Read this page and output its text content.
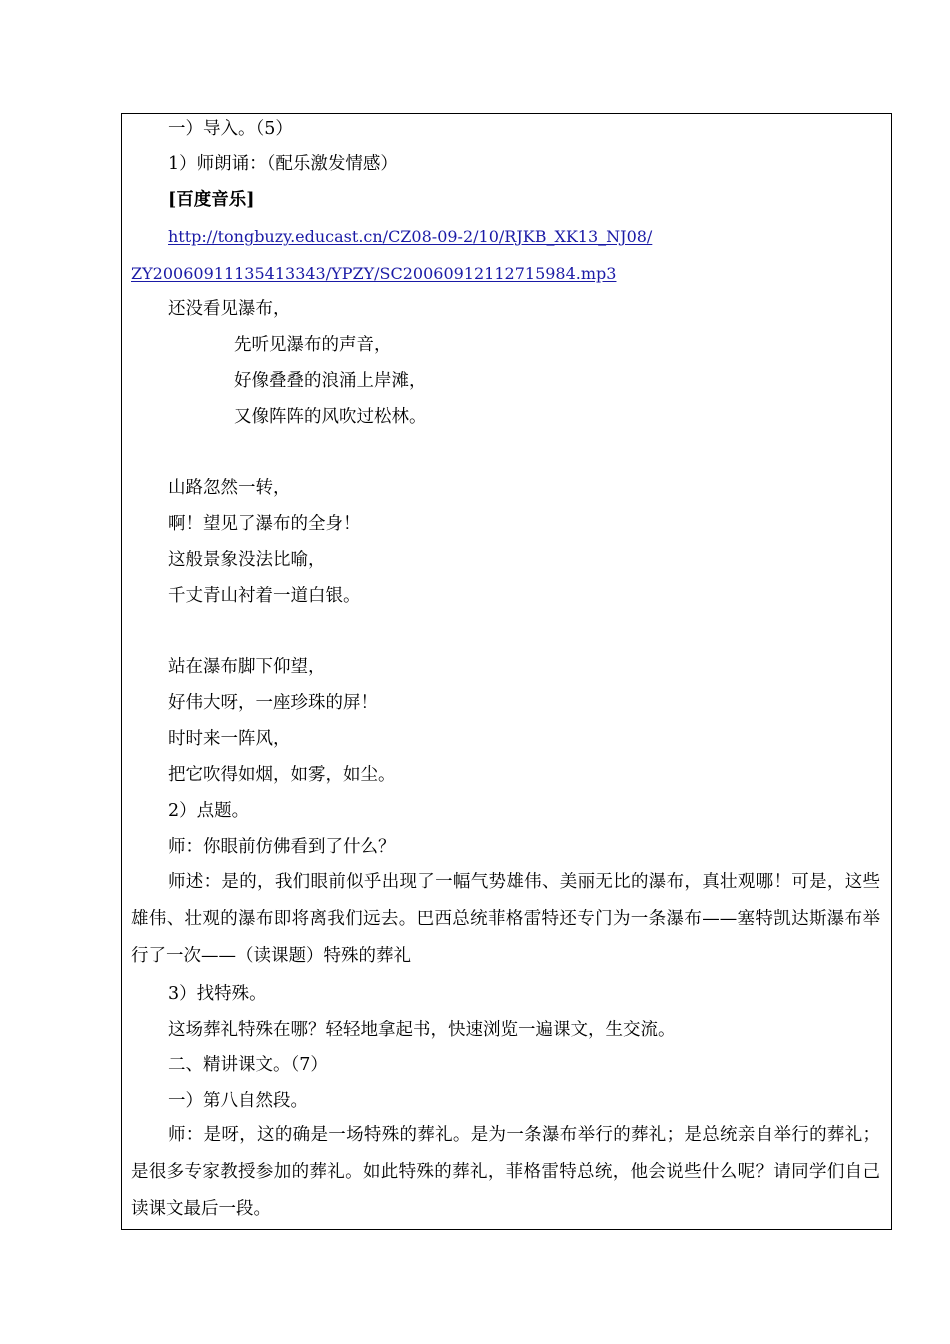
一）导入。（5）
1）师朗诵：（配乐激发情感）
[百度音乐]
http://tongbuzy.educast.cn/CZ08-09-2/10/RJKB_XK13_NJ08/
ZY20060911135413343/YPZY/SC20060912112715984.mp3
还没看见瀑布，
先听见瀑布的声音，
好像叠叠的浪涌上岸滩，
又像阵阵的风吹过松林。
山路忽然一转，
啊！望见了瀑布的全身！
这般景象没法比喻，
千丈青山衬着一道白银。
站在瀑布脚下仰望，
好伟大呀，一座珍珠的屏！
时时来一阵风，
把它吹得如烟，如雾，如尘。
2）点题。
师：你眼前仿佛看到了什么？

师述：是的，我们眼前似乎出现了一幅气势雄伟、美丽无比的瀑布，真壮观哪！可是，这些雄伟、壮观的瀑布即将离我们远去。巴西总统菲格雷特还专门为一条瀑布——塞特凯达斯瀑布举行了一次——（读课题）特殊的葬礼

3）找特殊。
这场葬礼特殊在哪？轻轻地拿起书，快速浏览一遍课文，生交流。
二、精讲课文。（7）
一）第八自然段。

师：是呀，这的确是一场特殊的葬礼。是为一条瀑布举行的葬礼；是总统亲自举行的葬礼；是很多专家教授参加的葬礼。如此特殊的葬礼，菲格雷特总统，他会说些什么呢？请同学们自己读课文最后一段。
